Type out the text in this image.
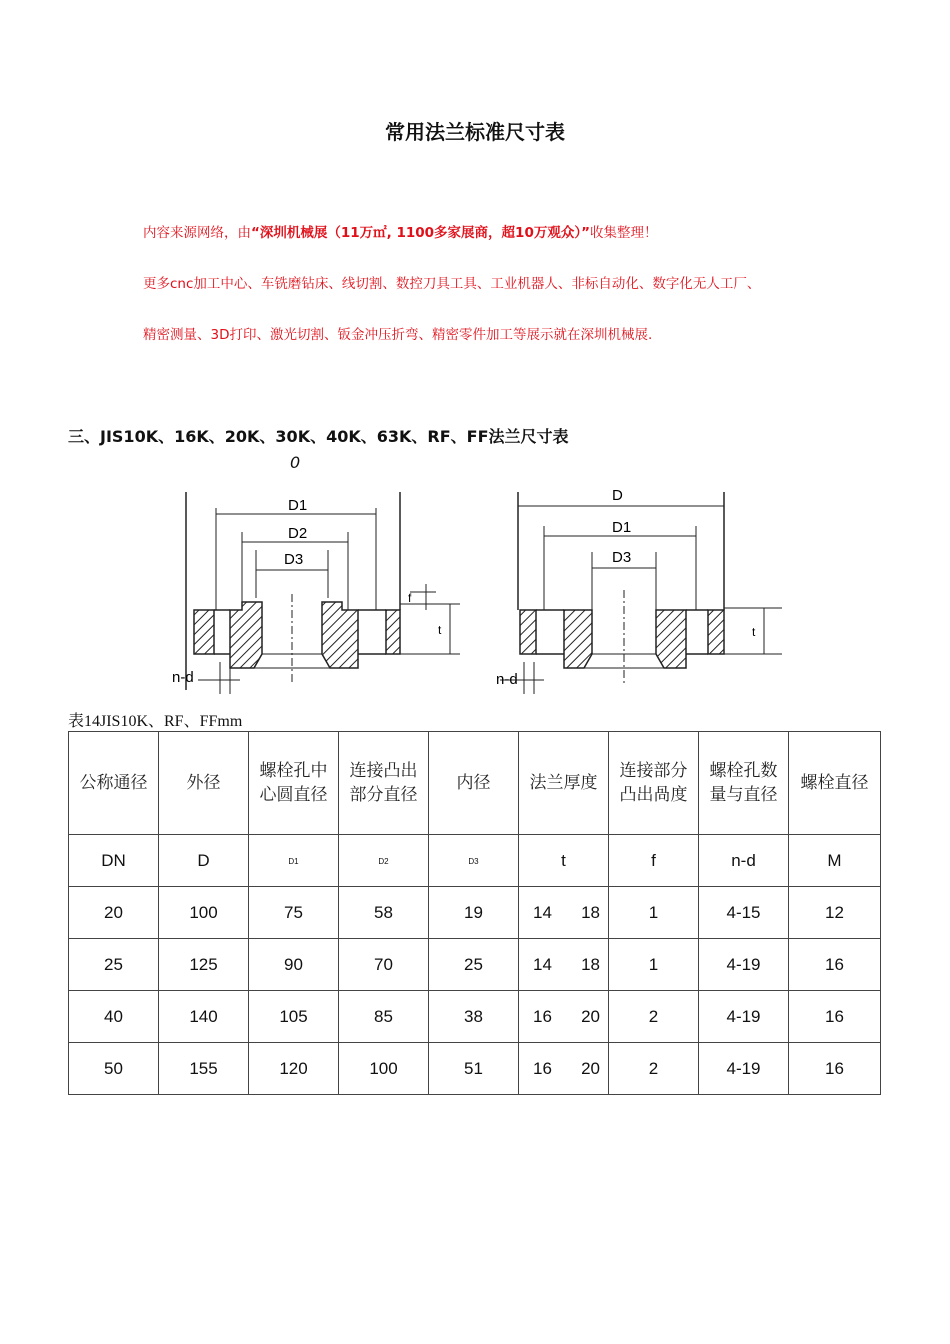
常用法兰标准尺寸表
内容来源网络，由“深圳机械展（11万㎡, 1100多家展商，超10万观众）”收集整理！
更多cnc加工中心、车铣磨钻床、线切割、数控刀具工具、工业机器人、非标自动化、数字化无人工厂、
精密测量、3D打印、激光切割、钣金冲压折弯、精密零件加工等展示就在深圳机械展.
三、JIS10K、16K、20K、30K、40K、63K、RF、FF法兰尺寸表
0
D1
D2
D3
f
t
n-d
D
D1
D3
t
n-d
表14JIS10K、RF、FFmm
公称通径	外径	螺栓孔中心圆直径	连接凸出部分直径	内径	法兰厚度	连接部分凸出咼度	螺栓孔数量与直径	螺栓直径
DN	D	D1	D2	D3	t	f	n-d	M
20	100	75	58	19	14 18	1	4-15	12
25	125	90	70	25	14 18	1	4-19	16
40	140	105	85	38	16 20	2	4-19	16
50	155	120	100	51	16 20	2	4-19	16
